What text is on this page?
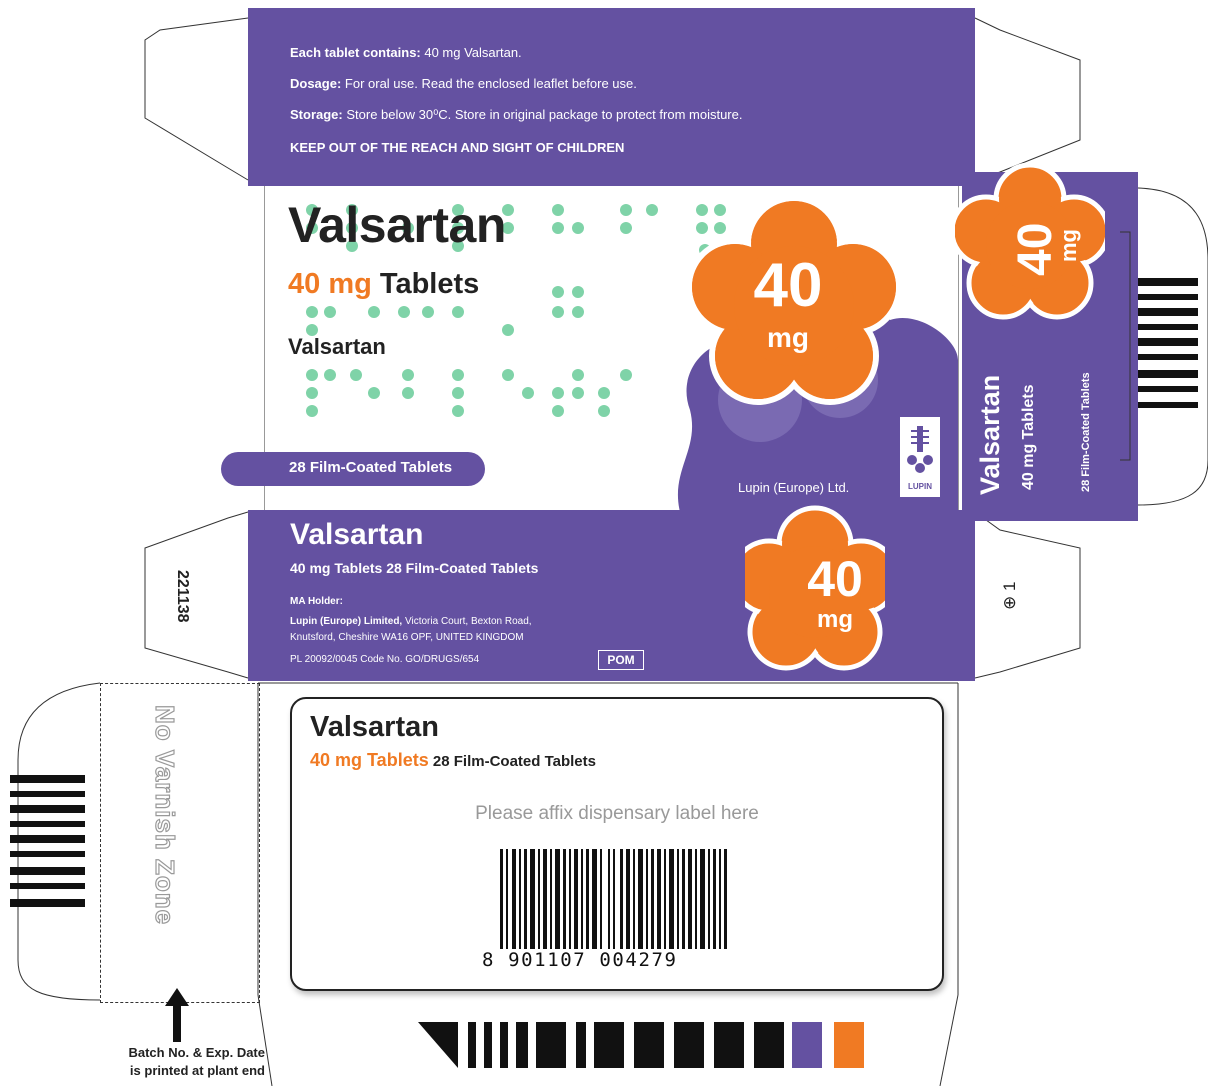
Each tablet contains: 40 mg Valsartan.
Dosage: For oral use. Read the enclosed leaflet before use.
Storage: Store below 30⁰C. Store in original package to protect from moisture.
KEEP OUT OF THE REACH AND SIGHT OF CHILDREN
Valsartan
40 mg Tablets
Valsartan
40
mg
28 Film-Coated Tablets
Lupin (Europe) Ltd.	LUPIN
40
mg
Valsartan 40 mg Tablets	28 Film-Coated Tablets
Valsartan
40 mg Tablets 28 Film-Coated Tablets
MA Holder:
Lupin (Europe) Limited, Victoria Court, Bexton Road,
Knutsford, Cheshire WA16 OPF, UNITED KINGDOM
PL 20092/0045 Code No. GO/DRUGS/654	POM
40
mg
221138	⊕ 1
Valsartan
40 mg Tablets 28 Film-Coated Tablets
Please affix dispensary label here
8 901107 004279
No Varnish Zone
Batch No. & Exp. Date
is printed at plant end
